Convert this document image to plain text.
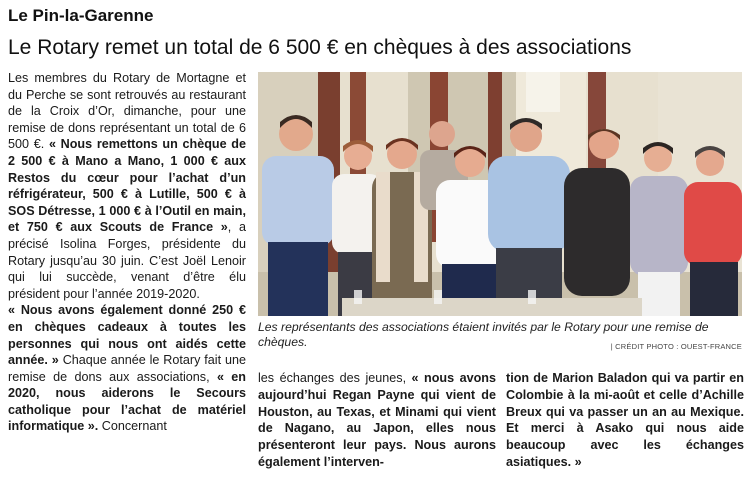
Le Pin-la-Garenne
Le Rotary remet un total de 6 500 € en chèques à des associations

Les membres du Rotary de Mortagne et du Perche se sont retrouvés au restaurant de la Croix d’Or, dimanche, pour une remise de dons représentant un total de 6 500 €. « Nous remettons un chèque de 2 500 € à Mano a Mano, 1 000 € aux Restos du cœur pour l’achat d’un réfrigérateur, 500 € à Lutille, 500 € à SOS Détresse, 1 000 € à l’Outil en main, et 750 € aux Scouts de France », a précisé Isolina Forges, présidente du Rotary jusqu’au 30 juin. C’est Joël Lenoir qui lui succède, venant d’être élu président pour l’année 2019-2020.

« Nous avons également donné 250 € en chèques cadeaux à toutes les personnes qui nous ont aidés cette année. » Chaque année le Rotary fait une remise de dons aux associations, « en 2020, nous aiderons le Secours catholique pour l’achat de matériel informatique ». Concernant

Les représentants des associations étaient invités par le Rotary pour une remise de chèques.	| CRÉDIT PHOTO : OUEST-FRANCE
les échanges des jeunes, « nous avons aujourd’hui Regan Payne qui vient de Houston, au Texas, et Minami qui vient de Nagano, au Japon, elles nous présenteront leur pays. Nous aurons également l’interven-
tion de Marion Baladon qui va partir en Colombie à la mi-août et celle d’Achille Breux qui va passer un an au Mexique. Et merci à Asako qui nous aide beaucoup avec les échanges asiatiques. »
